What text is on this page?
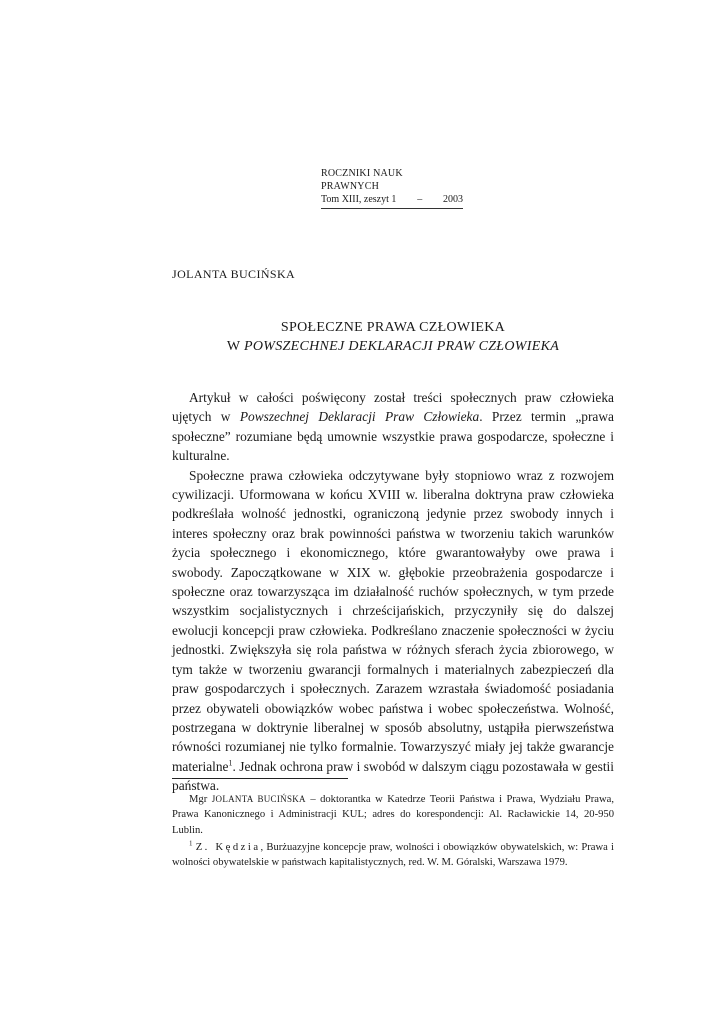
ROCZNIKI NAUK PRAWNYCH
Tom XIII, zeszyt 1 – 2003
JOLANTA BUCIŃSKA
SPOŁECZNE PRAWA CZŁOWIEKA
W POWSZECHNEJ DEKLARACJI PRAW CZŁOWIEKA

Artykuł w całości poświęcony został treści społecznych praw człowieka ujętych w Powszechnej Deklaracji Praw Człowieka. Przez termin „prawa społeczne” rozumiane będą umownie wszystkie prawa gospodarcze, społeczne i kulturalne.

Społeczne prawa człowieka odczytywane były stopniowo wraz z rozwojem cywilizacji. Uformowana w końcu XVIII w. liberalna doktryna praw człowieka podkreślała wolność jednostki, ograniczoną jedynie przez swobody innych i interes społeczny oraz brak powinności państwa w tworzeniu takich warunków życia społecznego i ekonomicznego, które gwarantowałyby owe prawa i swobody. Zapoczątkowane w XIX w. głębokie przeobrażenia gospodarcze i społeczne oraz towarzysząca im działalność ruchów społecznych, w tym przede wszystkim socjalistycznych i chrześcijańskich, przyczyniły się do dalszej ewolucji koncepcji praw człowieka. Podkreślano znaczenie społeczności w życiu jednostki. Zwiększyła się rola państwa w różnych sferach życia zbiorowego, w tym także w tworzeniu gwarancji formalnych i materialnych zabezpieczeń dla praw gospodarczych i społecznych. Zarazem wzrastała świadomość posiadania przez obywateli obowiązków wobec państwa i wobec społeczeństwa. Wolność, postrzegana w doktrynie liberalnej w sposób absolutny, ustąpiła pierwszeństwa równości rozumianej nie tylko formalnie. Towarzyszyć miały jej także gwarancje materialne$^1$. Jednak ochrona praw i swobód w dalszym ciągu pozostawała w gestii państwa.

Mgr JOLANTA BUCIŃSKA – doktorantka w Katedrze Teorii Państwa i Prawa, Wydziału Prawa, Prawa Kanonicznego i Administracji KUL; adres do korespondencji: Al. Racławickie 14, 20-950 Lublin.

$^1$ Z. Kędzia, Burżuazyjne koncepcje praw, wolności i obowiązków obywatelskich, w: Prawa i wolności obywatelskie w państwach kapitalistycznych, red. W. M. Góralski, Warszawa 1979.
